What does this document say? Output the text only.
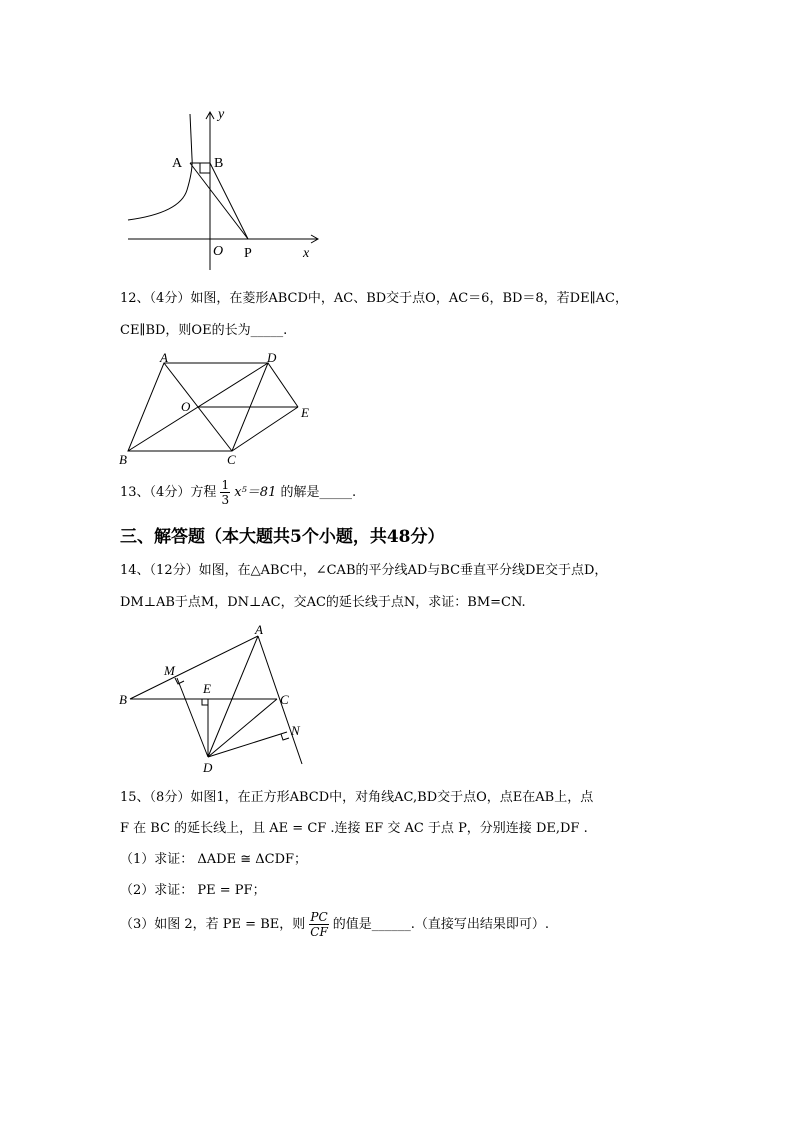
A B
O P	x
y
12、（4分）如图，在菱形ABCD中，AC、BD交于点O，AC＝6，BD＝8，若DE∥AC，
CE∥BD，则OE的长为_____.
A	D
O	E
B	C
13、（4分）方程 $\frac{1}{3} x^5=81$ 的解是_____.
三、解答题（本大题共5个小题，共48分）
14、（12分）如图，在△ABC中，∠CAB的平分线AD与BC垂直平分线DE交于点D，
DM⊥AB于点M，DN⊥AC，交AC的延长线于点N，求证：BM=CN.
A
B	C
D
E
M
N
15、（8分）如图1，在正方形ABCD中，对角线AC,BD交于点O，点E在AB上，点
F 在 BC 的延长线上，且 AE = CF .连接 EF 交 AC 于点 P，分别连接 DE,DF .
（1）求证： ΔADE ≅ ΔCDF；
（2）求证： PE = PF；
（3）如图 2，若 PE = BE，则 $\frac{PC}{CF}$ 的值是______.（直接写出结果即可）.
